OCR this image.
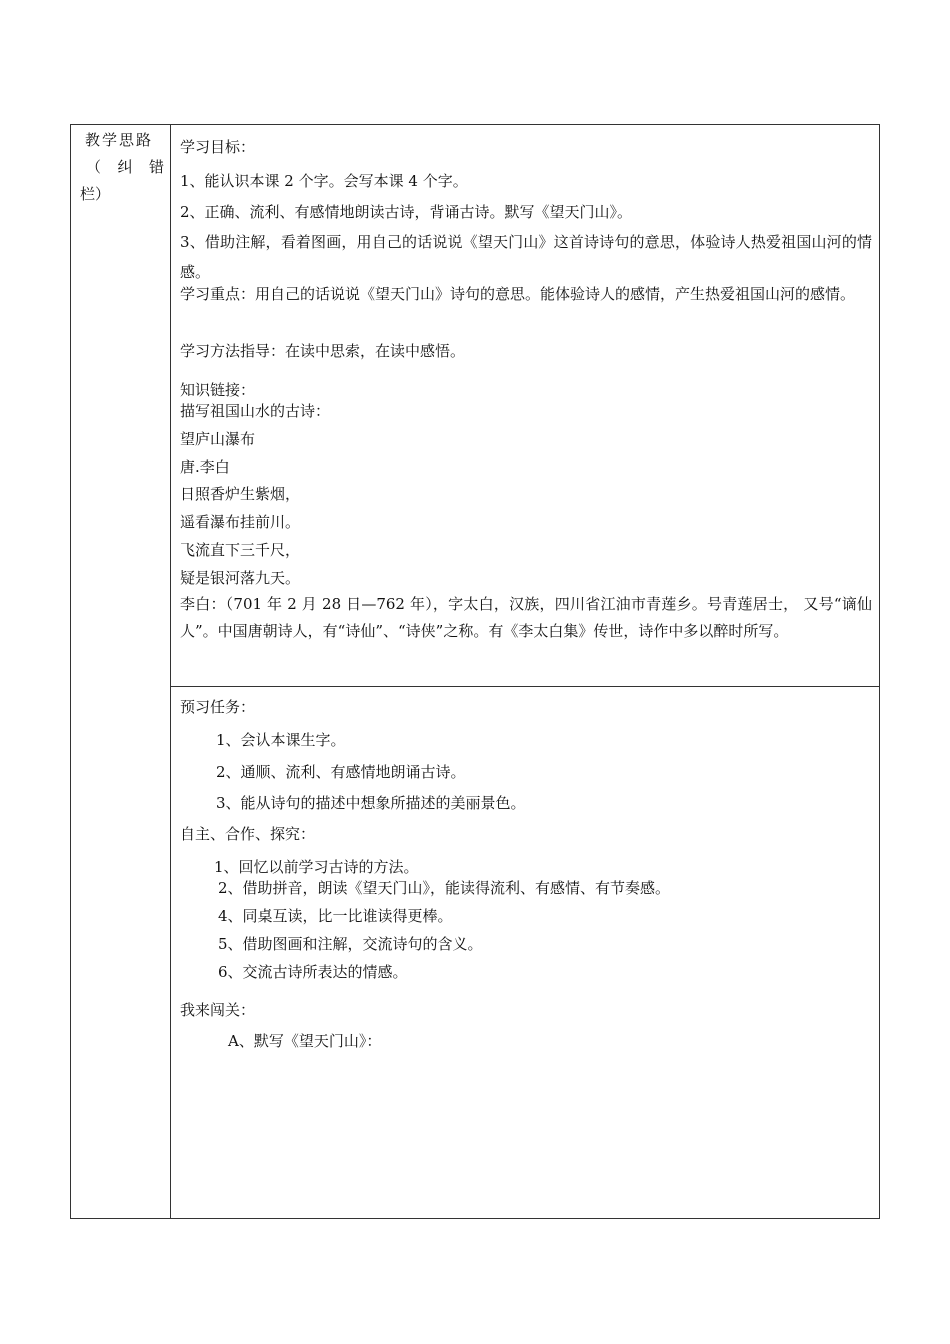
教学思路
（ 纠 错
栏）
学习目标：
1、能认识本课 2 个字。会写本课 4 个字。
2、正确、流利、有感情地朗读古诗，背诵古诗。默写《望天门山》。
3、借助注解，看着图画，用自己的话说说《望天门山》这首诗诗句的意思，体验诗人热爱祖国山河的情感。
学习重点：用自己的话说说《望天门山》诗句的意思。能体验诗人的感情，产生热爱祖国山河的感情。
学习方法指导：在读中思索，在读中感悟。
知识链接：
描写祖国山水的古诗：
望庐山瀑布
唐.李白
日照香炉生紫烟，
遥看瀑布挂前川。
飞流直下三千尺，
疑是银河落九天。
李白：（701 年 2 月 28 日—762 年），字太白，汉族，四川省江油市青莲乡。号青莲居士， 又号“谪仙人”。中国唐朝诗人，有“诗仙”、“诗侠”之称。有《李太白集》传世，诗作中多以醉时所写。
预习任务：
1、会认本课生字。
2、通顺、流利、有感情地朗诵古诗。
3、能从诗句的描述中想象所描述的美丽景色。
自主、合作、探究：
1、回忆以前学习古诗的方法。
2、借助拼音，朗读《望天门山》，能读得流利、有感情、有节奏感。
4、同桌互读，比一比谁读得更棒。
5、借助图画和注解，交流诗句的含义。
6、交流古诗所表达的情感。
我来闯关：
A、默写《望天门山》：
